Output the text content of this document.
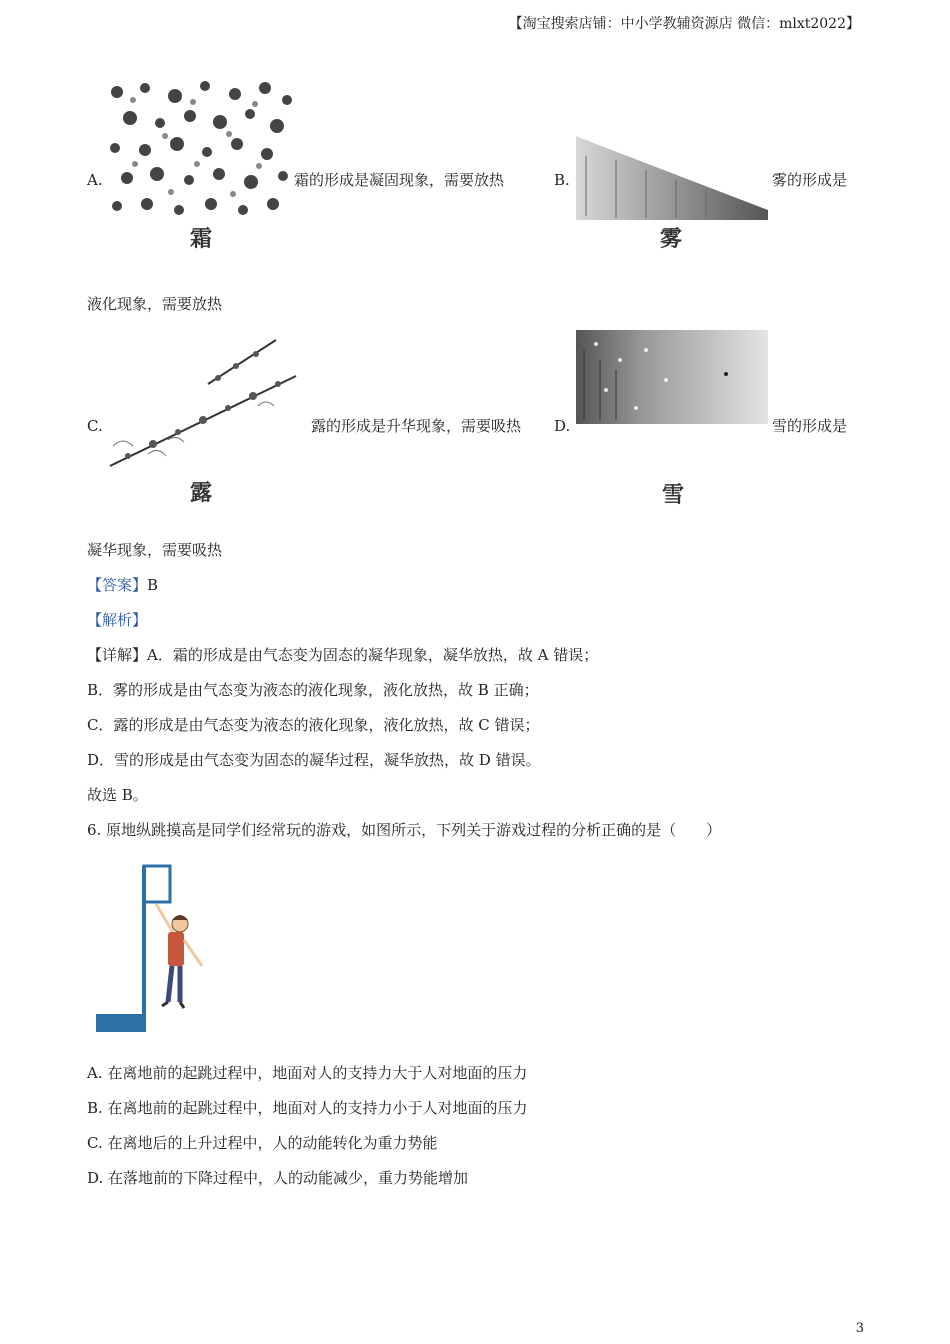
【淘宝搜索店铺：中小学教辅资源店 微信：mlxt2022】
A.
霜
霜的形成是凝固现象，需要放热	B.
雾
雾的形成是
液化现象，需要放热
C.
露
露的形成是升华现象，需要吸热 D.
雪
雪的形成是
凝华现象，需要吸热
【答案】B
【解析】
【详解】A．霜的形成是由气态变为固态的凝华现象，凝华放热，故 A 错误；
B．雾的形成是由气态变为液态的液化现象，液化放热，故 B 正确；
C．露的形成是由气态变为液态的液化现象，液化放热，故 C 错误；
D．雪的形成是由气态变为固态的凝华过程，凝华放热，故 D 错误。
故选 B。
6. 原地纵跳摸高是同学们经常玩的游戏，如图所示，下列关于游戏过程的分析正确的是（　　）
A. 在离地前的起跳过程中，地面对人的支持力大于人对地面的压力
B. 在离地前的起跳过程中，地面对人的支持力小于人对地面的压力
C. 在离地后的上升过程中，人的动能转化为重力势能
D. 在落地前的下降过程中，人的动能减少，重力势能增加
3
